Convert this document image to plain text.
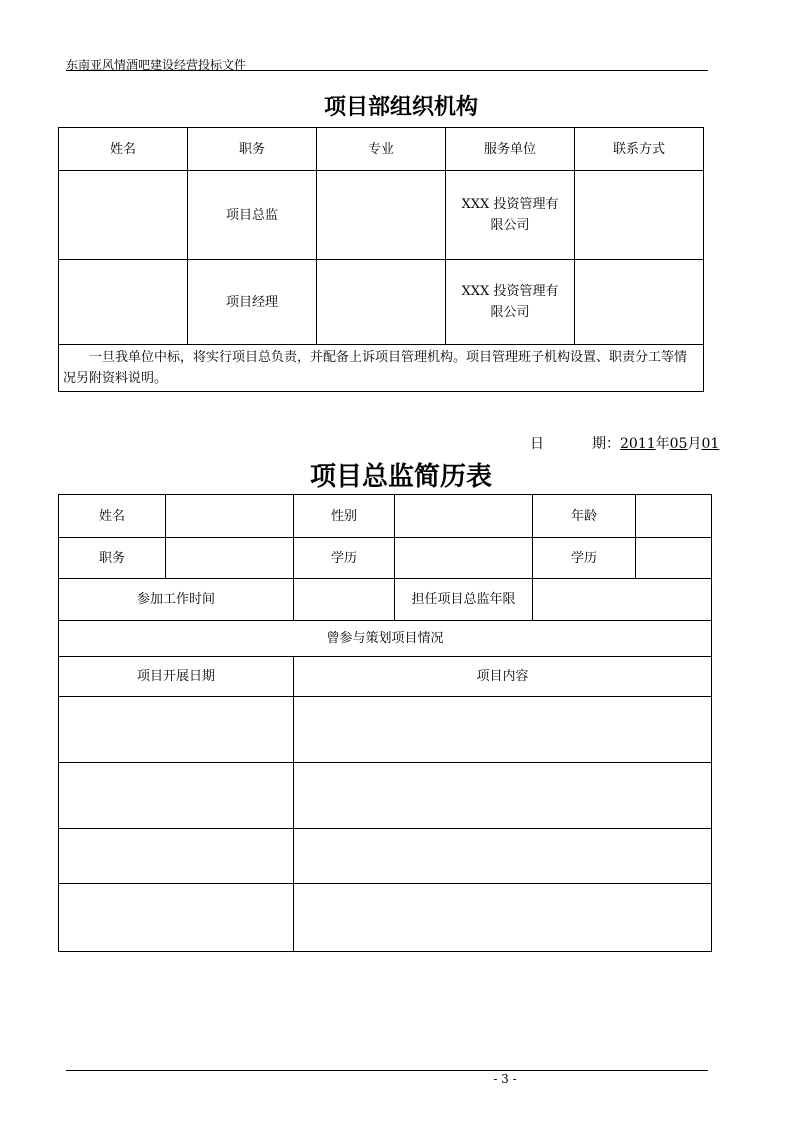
东南亚风情酒吧建设经营投标文件
项目部组织机构
姓名	职务	专业	服务单位	联系方式
	项目总监		XXX 投资管理有限公司	
	项目经理		XXX 投资管理有限公司	
一旦我单位中标，将实行项目总负责，并配备上诉项目管理机构。项目管理班子机构设置、职责分工等情况另附资料说明。				
日	期：2011年05月01
项目总监简历表
姓名		性别		年龄	
职务		学历		学历	
参加工作时间			担任项目总监年限		
曾参与策划项目情况					
项目开展日期		项目内容			

- 3 -
